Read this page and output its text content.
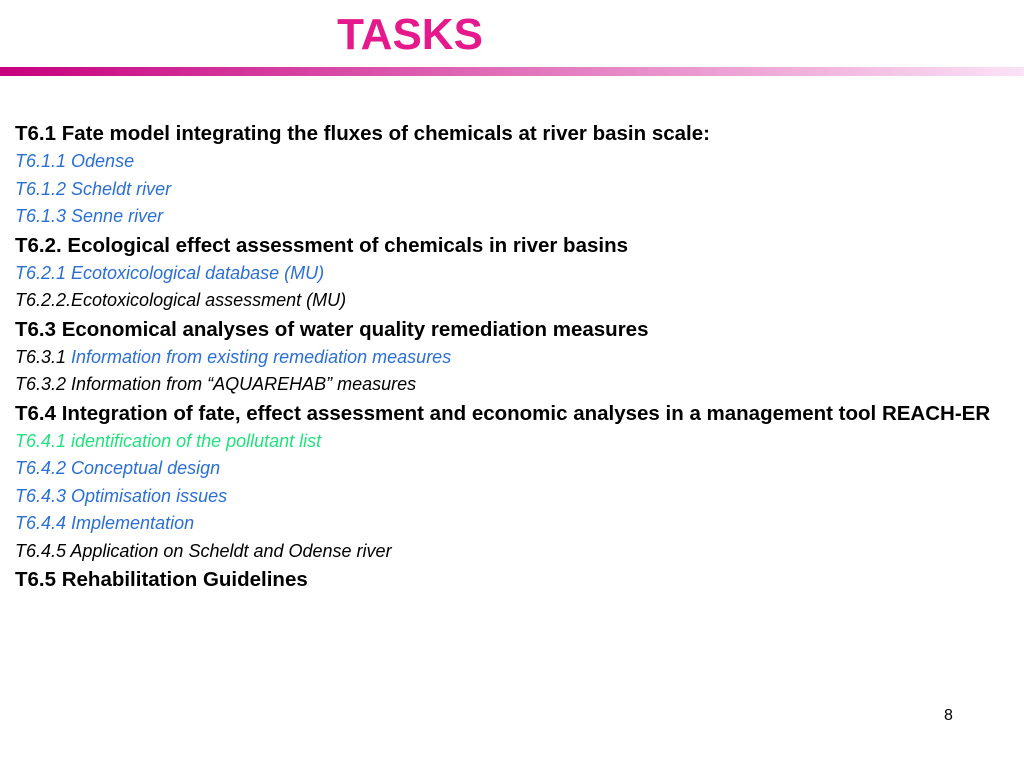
TASKS

T6.1 Fate model integrating the fluxes of chemicals at river basin scale:

T6.1.1 Odense

T6.1.2 Scheldt river

T6.1.3 Senne river

T6.2. Ecological effect assessment of chemicals in river basins

T6.2.1 Ecotoxicological database (MU)

T6.2.2.Ecotoxicological assessment (MU)

T6.3 Economical analyses of water quality remediation measures

T6.3.1 Information from existing remediation measures

T6.3.2 Information from “AQUAREHAB” measures

T6.4 Integration of fate, effect assessment and economic analyses in a management tool REACH-ER

T6.4.1 identification of the pollutant list

T6.4.2 Conceptual design

T6.4.3 Optimisation issues

T6.4.4 Implementation

T6.4.5 Application on Scheldt and Odense river

T6.5 Rehabilitation Guidelines

8
